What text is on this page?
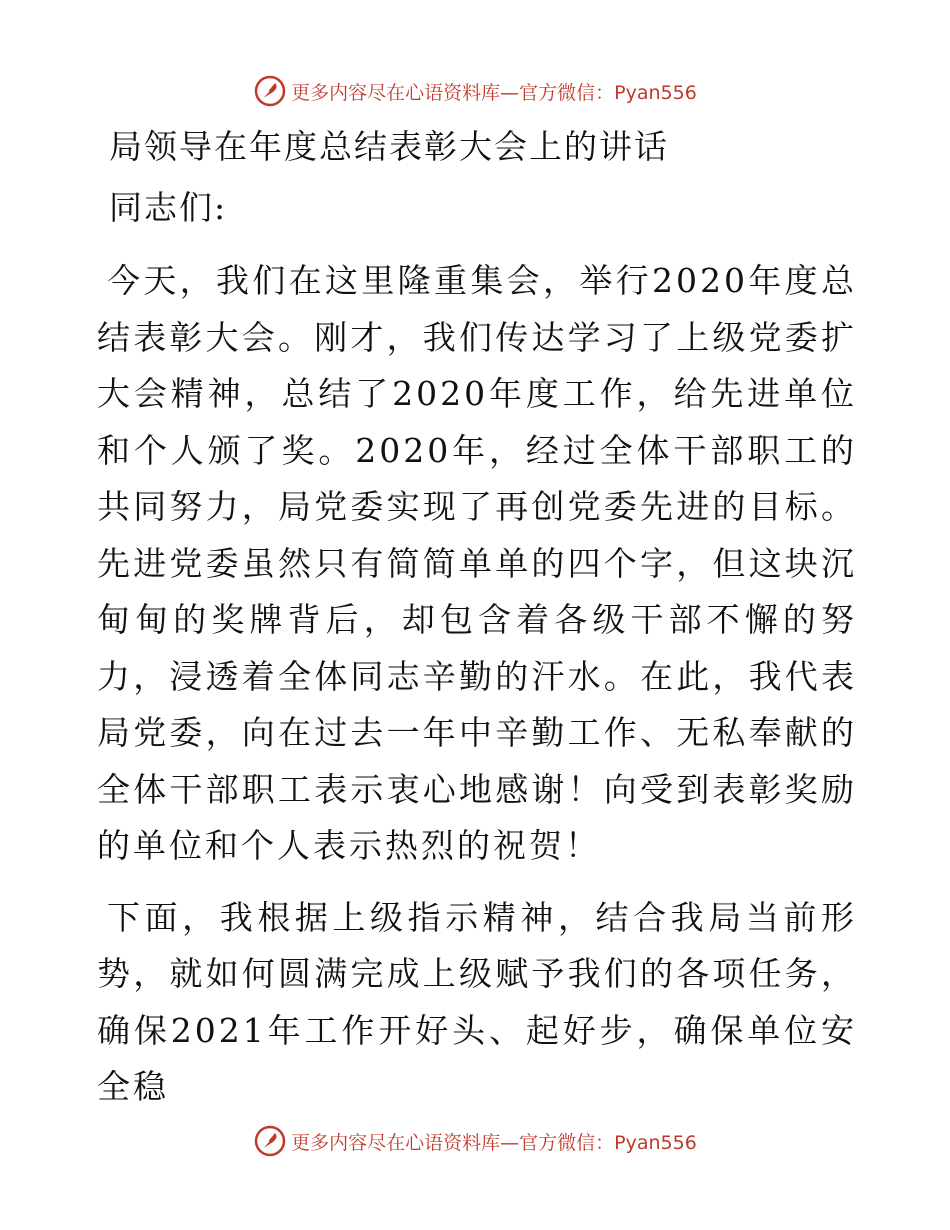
更多内容尽在心语资料库—官方微信：Pyan556
局领导在年度总结表彰大会上的讲话
同志们:

今天，我们在这里隆重集会，举行2020年度总结表彰大会。刚才，我们传达学习了上级党委扩大会精神，总结了2020年度工作，给先进单位和个人颁了奖。2020年，经过全体干部职工的共同努力，局党委实现了再创党委先进的目标。先进党委虽然只有简简单单的四个字，但这块沉甸甸的奖牌背后，却包含着各级干部不懈的努力，浸透着全体同志辛勤的汗水。在此，我代表局党委，向在过去一年中辛勤工作、无私奉献的全体干部职工表示衷心地感谢！向受到表彰奖励的单位和个人表示热烈的祝贺！

下面，我根据上级指示精神，结合我局当前形势，就如何圆满完成上级赋予我们的各项任务，确保2021年工作开好头、起好步，确保单位安全稳

更多内容尽在心语资料库—官方微信：Pyan556
